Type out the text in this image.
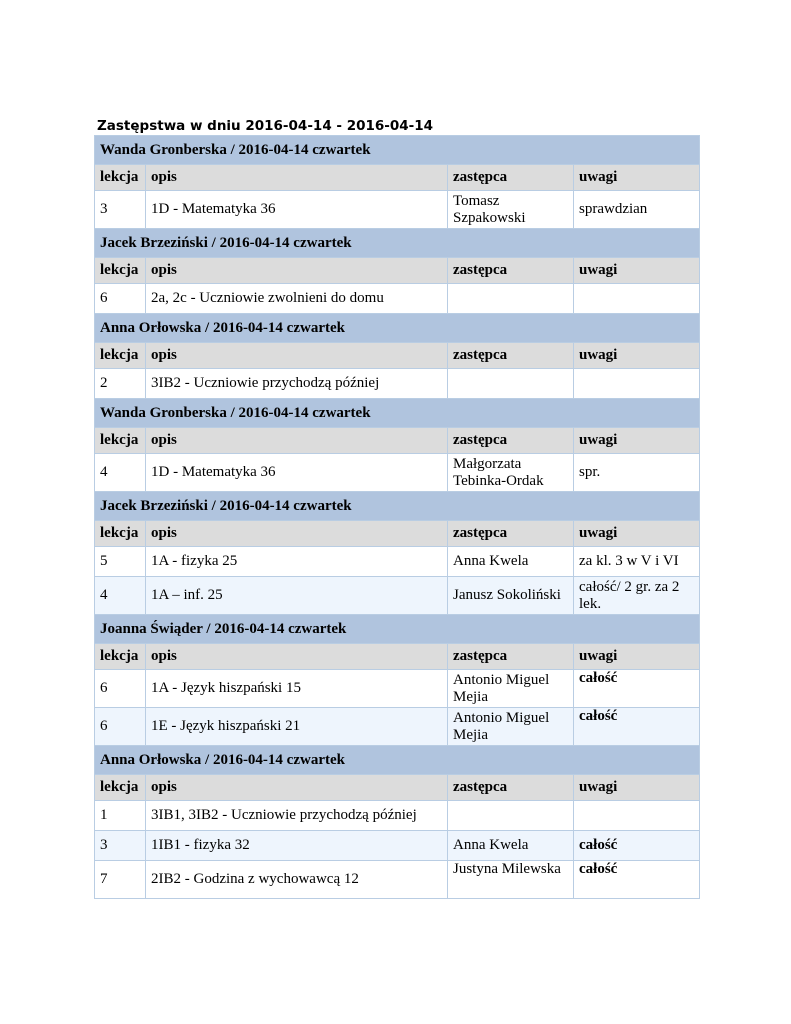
Zastępstwa w dniu 2016-04-14 - 2016-04-14
Wanda Gronberska / 2016-04-14 czwartek			
lekcja	opis	zastępca	uwagi
3	1D - Matematyka 36	Tomasz Szpakowski	sprawdzian
Jacek Brzeziński / 2016-04-14 czwartek			
lekcja	opis	zastępca	uwagi
6	2a, 2c - Uczniowie zwolnieni do domu		
Anna Orłowska / 2016-04-14 czwartek			
lekcja	opis	zastępca	uwagi
2	3IB2 - Uczniowie przychodzą później		
Wanda Gronberska / 2016-04-14 czwartek			
lekcja	opis	zastępca	uwagi
4	1D - Matematyka 36	Małgorzata Tebinka-Ordak	spr.
Jacek Brzeziński / 2016-04-14 czwartek			
lekcja	opis	zastępca	uwagi
5	1A - fizyka 25	Anna Kwela	za kl. 3 w V i VI
4	1A – inf. 25	Janusz Sokoliński	całość/ 2 gr. za 2 lek.
Joanna Świąder / 2016-04-14 czwartek			
lekcja	opis	zastępca	uwagi
6	1A - Język hiszpański 15	Antonio Miguel Mejia	całość
6	1E - Język hiszpański 21	Antonio Miguel Mejia	całość
Anna Orłowska / 2016-04-14 czwartek			
lekcja	opis	zastępca	uwagi
1	3IB1, 3IB2 - Uczniowie przychodzą później		
3	1IB1 - fizyka 32	Anna Kwela	całość
7	2IB2 - Godzina z wychowawcą 12	Justyna Milewska	całość
